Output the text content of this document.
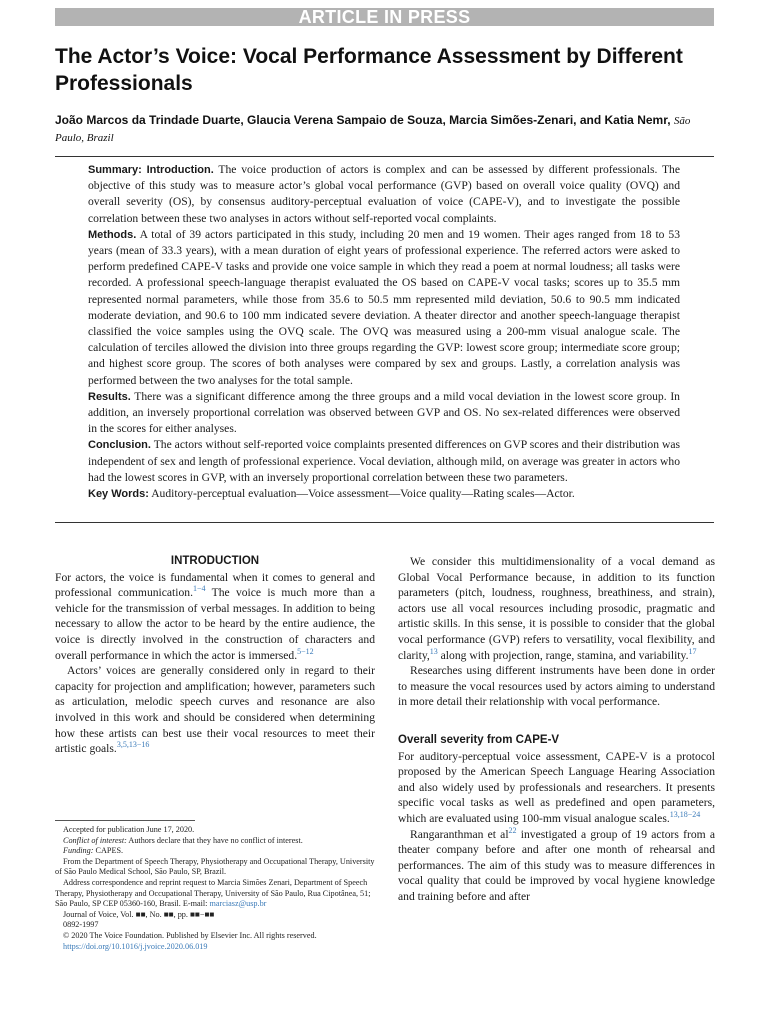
ARTICLE IN PRESS
The Actor’s Voice: Vocal Performance Assessment by Different Professionals
João Marcos da Trindade Duarte, Glaucia Verena Sampaio de Souza, Marcia Simões-Zenari, and Katia Nemr, São Paulo, Brazil

Summary: Introduction. The voice production of actors is complex and can be assessed by different professionals. The objective of this study was to measure actor’s global vocal performance (GVP) based on overall voice quality (OVQ) and overall severity (OS), by consensus auditory-perceptual evaluation of voice (CAPE-V), and to investigate the possible correlation between these two analyses in actors without self-reported vocal complaints.

Methods. A total of 39 actors participated in this study, including 20 men and 19 women. Their ages ranged from 18 to 53 years (mean of 33.3 years), with a mean duration of eight years of professional experience. The referred actors were asked to perform predefined CAPE-V tasks and provide one voice sample in which they read a poem at normal loudness; all tasks were recorded. A professional speech-language therapist evaluated the OS based on CAPE-V vocal tasks; scores up to 35.5 mm represented normal parameters, while those from 35.6 to 50.5 mm represented mild deviation, 50.6 to 90.5 mm indicated moderate deviation, and 90.6 to 100 mm indicated severe deviation. A theater director and another speech-language therapist classified the voice samples using the OVQ scale. The OVQ was measured using a 200-mm visual analogue scale. The calculation of terciles allowed the division into three groups regarding the GVP: lowest score group; intermediate score group; and highest score group. The scores of both analyses were compared by sex and groups. Lastly, a correlation analysis was performed between the two analyses for the total sample.

Results. There was a significant difference among the three groups and a mild vocal deviation in the lowest score group. In addition, an inversely proportional correlation was observed between GVP and OS. No sex-related differences were observed in the scores for either analyses.

Conclusion. The actors without self-reported voice complaints presented differences on GVP scores and their distribution was independent of sex and length of professional experience. Vocal deviation, although mild, on average was greater in actors who had the lowest scores in GVP, with an inversely proportional correlation between these two parameters.

Key Words: Auditory-perceptual evaluation—Voice assessment—Voice quality—Rating scales—Actor.

INTRODUCTION

For actors, the voice is fundamental when it comes to general and professional communication.$^{1-4}$ The voice is much more than a vehicle for the transmission of verbal messages. In addition to being necessary to allow the actor to be heard by the entire audience, the voice is directly involved in the construction of characters and overall performance in which the actor is immersed.$^{5-12}$

Actors’ voices are generally considered only in regard to their capacity for projection and amplification; however, parameters such as articulation, melodic speech curves and resonance are also involved in this work and should be considered when determining how these artists can best use their vocal resources to meet their artistic goals.$^{3,5,13-16}$

Accepted for publication June 17, 2020.

Conflict of interest: Authors declare that they have no conflict of interest.

Funding: CAPES.

From the Department of Speech Therapy, Physiotherapy and Occupational Therapy, University of São Paulo Medical School, São Paulo, SP, Brazil.

Address correspondence and reprint request to Marcia Simões Zenari, Department of Speech Therapy, Physiotherapy and Occupational Therapy, University of São Paulo, Rua Cipotânea, 51; São Paulo, SP CEP 05360-160, Brasil. E-mail: marciasz@usp.br

Journal of Voice, Vol. ■■, No. ■■, pp. ■■−■■

0892-1997

© 2020 The Voice Foundation. Published by Elsevier Inc. All rights reserved.

https://doi.org/10.1016/j.jvoice.2020.06.019

We consider this multidimensionality of a vocal demand as Global Vocal Performance because, in addition to its function parameters (pitch, loudness, roughness, breathiness, and strain), actors use all vocal resources including prosodic, pragmatic and artistic skills. In this sense, it is possible to consider that the global vocal performance (GVP) refers to versatility, vocal flexibility, and clarity,$^{13}$ along with projection, range, stamina, and variability.$^{17}$

Researches using different instruments have been done in order to measure the vocal resources used by actors aiming to understand in more detail their relationship with vocal performance.

Overall severity from CAPE-V

For auditory-perceptual voice assessment, CAPE-V is a protocol proposed by the American Speech Language Hearing Association and also widely used by professionals and researchers. It presents specific vocal tasks as well as predefined and open parameters, which are evaluated using 100-mm visual analogue scales.$^{13,18-24}$

Rangaranthman et $al^{22}$ investigated a group of 19 actors from a theater company before and after one month of rehearsal and performances. The aim of this study was to measure differences in vocal quality that could be improved by vocal hygiene knowledge and training before and after
